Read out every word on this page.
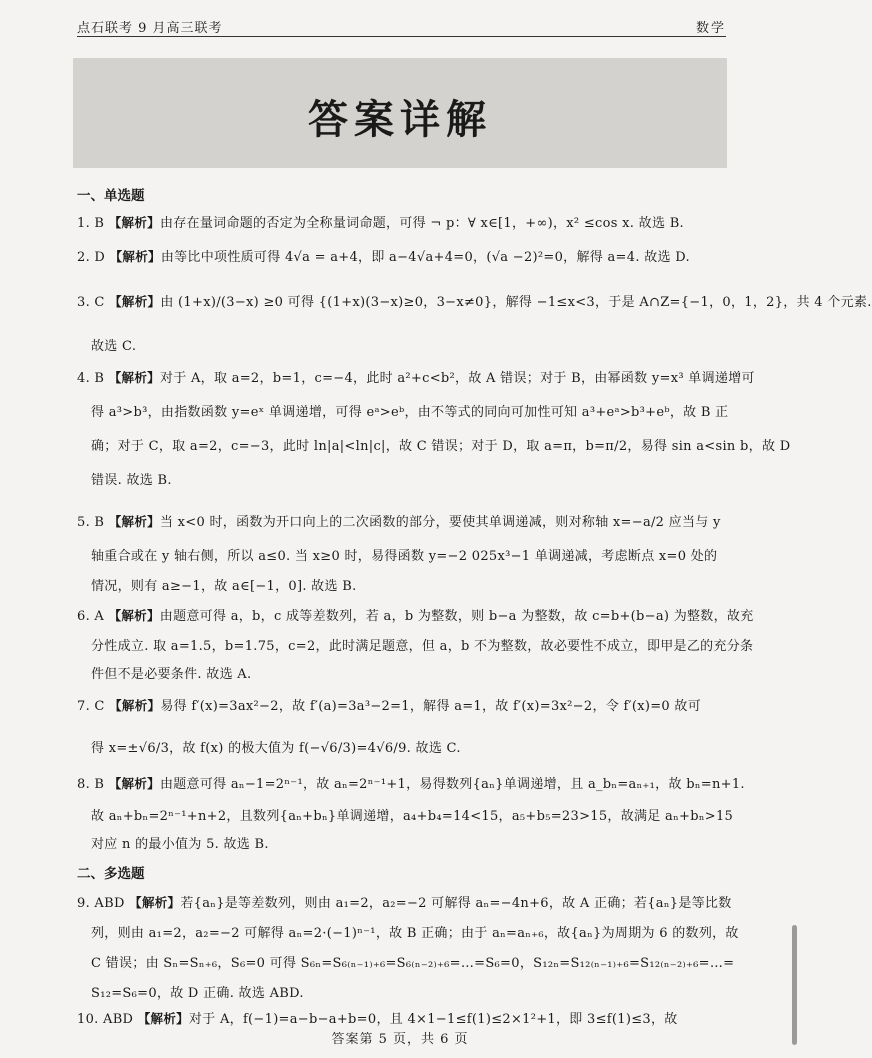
点石联考 9 月高三联考	数学
答案详解
一、单选题
1. B 【解析】由存在量词命题的否定为全称量词命题，可得 ¬ p：∀ x∈[1，+∞)，x² ≤cos x. 故选 B.
2. D 【解析】由等比中项性质可得 4√a = a+4，即 a−4√a+4=0，(√a −2)²=0，解得 a=4. 故选 D.
3. C 【解析】由 (1+x)/(3−x) ≥0 可得 {(1+x)(3−x)≥0，3−x≠0}，解得 −1≤x<3，于是 A∩Z={−1，0，1，2}，共 4 个元素.
故选 C.
4. B 【解析】对于 A，取 a=2，b=1，c=−4，此时 a²+c<b²，故 A 错误；对于 B，由幂函数 y=x³ 单调递增可
得 a³>b³，由指数函数 y=eˣ 单调递增，可得 eᵃ>eᵇ，由不等式的同向可加性可知 a³+eᵃ>b³+eᵇ，故 B 正
确；对于 C，取 a=2，c=−3，此时 ln|a|<ln|c|，故 C 错误；对于 D，取 a=π，b=π/2，易得 sin a<sin b，故 D
错误. 故选 B.
5. B 【解析】当 x<0 时，函数为开口向上的二次函数的部分，要使其单调递减，则对称轴 x=−a/2 应当与 y
轴重合或在 y 轴右侧，所以 a≤0. 当 x≥0 时，易得函数 y=−2 025x³−1 单调递减，考虑断点 x=0 处的
情况，则有 a≥−1，故 a∈[−1，0]. 故选 B.
6. A 【解析】由题意可得 a，b，c 成等差数列，若 a，b 为整数，则 b−a 为整数，故 c=b+(b−a) 为整数，故充
分性成立. 取 a=1.5，b=1.75，c=2，此时满足题意，但 a，b 不为整数，故必要性不成立，即甲是乙的充分条
件但不是必要条件. 故选 A.
7. C 【解析】易得 f′(x)=3ax²−2，故 f′(a)=3a³−2=1，解得 a=1，故 f′(x)=3x²−2，令 f′(x)=0 故可
得 x=±√6/3，故 f(x) 的极大值为 f(−√6/3)=4√6/9. 故选 C.
8. B 【解析】由题意可得 aₙ−1=2ⁿ⁻¹，故 aₙ=2ⁿ⁻¹+1，易得数列{aₙ}单调递增，且 a_bₙ=aₙ₊₁，故 bₙ=n+1.
故 aₙ+bₙ=2ⁿ⁻¹+n+2，且数列{aₙ+bₙ}单调递增，a₄+b₄=14<15，a₅+b₅=23>15，故满足 aₙ+bₙ>15
对应 n 的最小值为 5. 故选 B.
二、多选题
9. ABD 【解析】若{aₙ}是等差数列，则由 a₁=2，a₂=−2 可解得 aₙ=−4n+6，故 A 正确；若{aₙ}是等比数
列，则由 a₁=2，a₂=−2 可解得 aₙ=2·(−1)ⁿ⁻¹，故 B 正确；由于 aₙ=aₙ₊₆，故{aₙ}为周期为 6 的数列，故
C 错误；由 Sₙ=Sₙ₊₆，S₆=0 可得 S₆ₙ=S₆₍ₙ₋₁₎₊₆=S₆₍ₙ₋₂₎₊₆=…=S₆=0，S₁₂ₙ=S₁₂₍ₙ₋₁₎₊₆=S₁₂₍ₙ₋₂₎₊₆=…=
S₁₂=S₆=0，故 D 正确. 故选 ABD.
10. ABD 【解析】对于 A，f(−1)=a−b−a+b=0，且 4×1−1≤f(1)≤2×1²+1，即 3≤f(1)≤3，故
答案第 5 页，共 6 页
